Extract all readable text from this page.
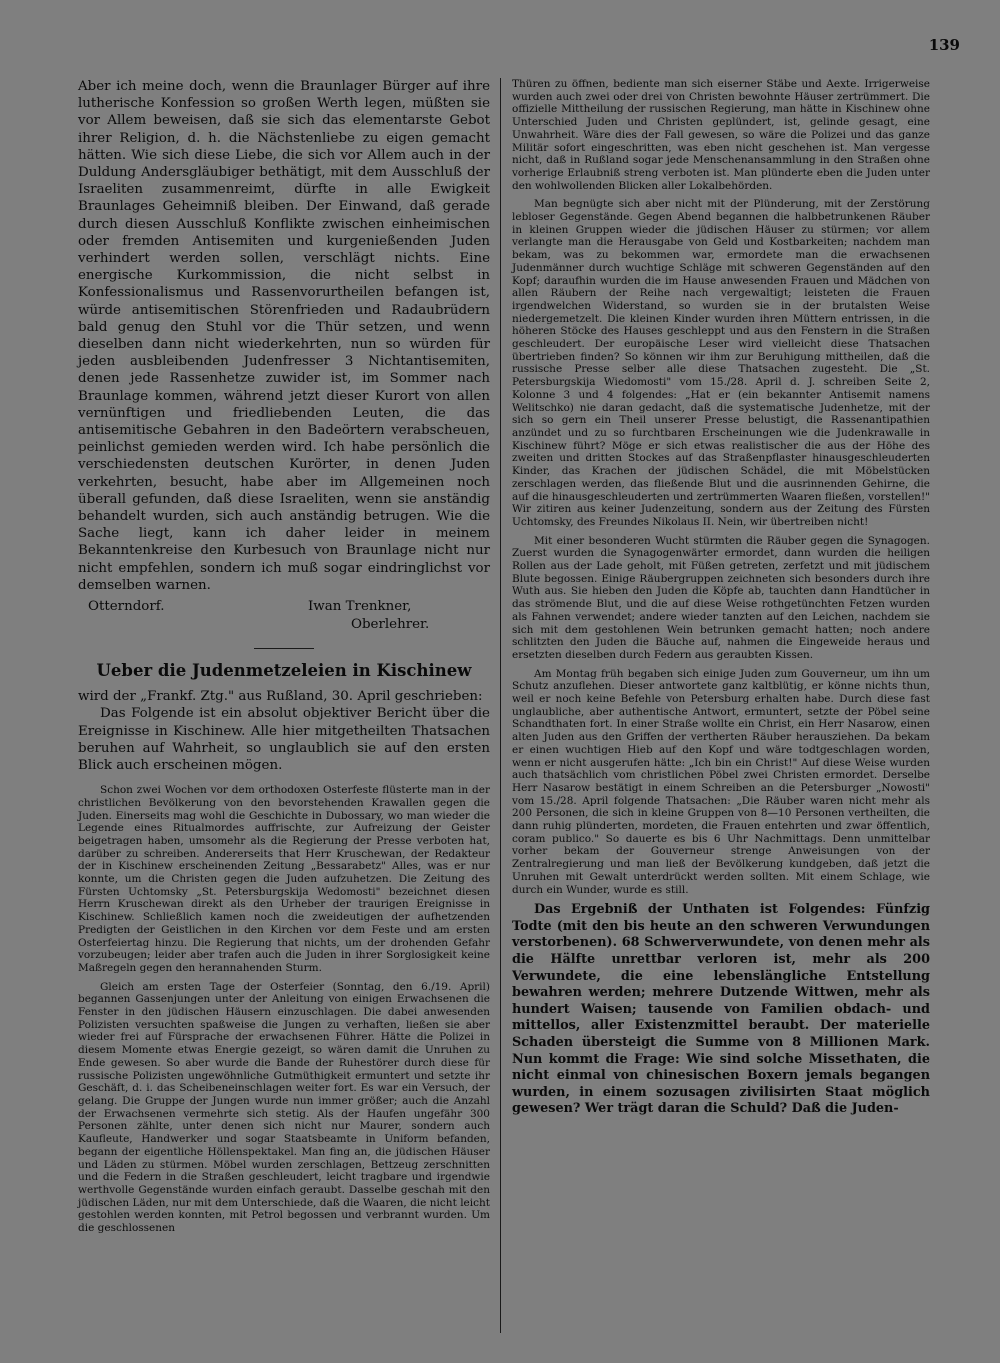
139

Aber ich meine doch, wenn die Braunlager Bürger auf ihre lutherische Konfession so großen Werth legen, müßten sie vor Allem beweisen, daß sie sich das elementarste Gebot ihrer Religion, d. h. die Nächstenliebe zu eigen gemacht hätten. Wie sich diese Liebe, die sich vor Allem auch in der Duldung Andersgläubiger bethätigt, mit dem Ausschluß der Israeliten zusammenreimt, dürfte in alle Ewigkeit Braunlages Geheimniß bleiben. Der Einwand, daß gerade durch diesen Ausschluß Konflikte zwischen einheimischen oder fremden Antisemiten und kurgenießenden Juden verhindert werden sollen, verschlägt nichts. Eine energische Kurkommission, die nicht selbst in Konfessionalismus und Rassenvorurtheilen befangen ist, würde antisemitischen Störenfrieden und Radaubrüdern bald genug den Stuhl vor die Thür setzen, und wenn dieselben dann nicht wiederkehrten, nun so würden für jeden ausbleibenden Judenfresser 3 Nichtantisemiten, denen jede Rassenhetze zuwider ist, im Sommer nach Braunlage kommen, während jetzt dieser Kurort von allen vernünftigen und friedliebenden Leuten, die das antisemitische Gebahren in den Badeörtern verabscheuen, peinlichst gemieden werden wird. Ich habe persönlich die verschiedensten deutschen Kurörter, in denen Juden verkehrten, besucht, habe aber im Allgemeinen noch überall gefunden, daß diese Israeliten, wenn sie anständig behandelt wurden, sich auch anständig betrugen. Wie die Sache liegt, kann ich daher leider in meinem Bekanntenkreise den Kurbesuch von Braunlage nicht nur nicht empfehlen, sondern ich muß sogar eindringlichst vor demselben warnen.

Otterndorf.	Iwan Trenkner,
Oberlehrer.
Ueber die Judenmetzeleien in Kischinew

wird der „Frankf. Ztg." aus Rußland, 30. April geschrieben:

Das Folgende ist ein absolut objektiver Bericht über die Ereignisse in Kischinew. Alle hier mitgetheilten Thatsachen beruhen auf Wahrheit, so unglaublich sie auf den ersten Blick auch erscheinen mögen.

Schon zwei Wochen vor dem orthodoxen Osterfeste flüsterte man in der christlichen Bevölkerung von den bevorstehenden Krawallen gegen die Juden. Einerseits mag wohl die Geschichte in Dubossary, wo man wieder die Legende eines Ritualmordes auffrischte, zur Aufreizung der Geister beigetragen haben, umsomehr als die Regierung der Presse verboten hat, darüber zu schreiben. Andererseits that Herr Kruschewan, der Redakteur der in Kischinew erscheinenden Zeitung „Bessarabetz" Alles, was er nur konnte, um die Christen gegen die Juden aufzuhetzen. Die Zeitung des Fürsten Uchtomsky „St. Petersburgskija Wedomosti" bezeichnet diesen Herrn Kruschewan direkt als den Urheber der traurigen Ereignisse in Kischinew. Schließlich kamen noch die zweideutigen der aufhetzenden Predigten der Geistlichen in den Kirchen vor dem Feste und am ersten Osterfeiertag hinzu. Die Regierung that nichts, um der drohenden Gefahr vorzubeugen; leider aber trafen auch die Juden in ihrer Sorglosigkeit keine Maßregeln gegen den herannahenden Sturm.

Gleich am ersten Tage der Osterfeier (Sonntag, den 6./19. April) begannen Gassenjungen unter der Anleitung von einigen Erwachsenen die Fenster in den jüdischen Häusern einzuschlagen. Die dabei anwesenden Polizisten versuchten spaßweise die Jungen zu verhaften, ließen sie aber wieder frei auf Fürsprache der erwachsenen Führer. Hätte die Polizei in diesem Momente etwas Energie gezeigt, so wären damit die Unruhen zu Ende gewesen. So aber wurde die Bande der Ruhestörer durch diese für russische Polizisten ungewöhnliche Gutmüthigkeit ermuntert und setzte ihr Geschäft, d. i. das Scheibeneinschlagen weiter fort. Es war ein Versuch, der gelang. Die Gruppe der Jungen wurde nun immer größer; auch die Anzahl der Erwachsenen vermehrte sich stetig. Als der Haufen ungefähr 300 Personen zählte, unter denen sich nicht nur Maurer, sondern auch Kaufleute, Handwerker und sogar Staatsbeamte in Uniform befanden, begann der eigentliche Höllenspektakel. Man fing an, die jüdischen Häuser und Läden zu stürmen. Möbel wurden zerschlagen, Bettzeug zerschnitten und die Federn in die Straßen geschleudert, leicht tragbare und irgendwie werthvolle Gegenstände wurden einfach geraubt. Dasselbe geschah mit den jüdischen Läden, nur mit dem Unterschiede, daß die Waaren, die nicht leicht gestohlen werden konnten, mit Petrol begossen und verbrannt wurden. Um die geschlossenen

Thüren zu öffnen, bediente man sich eiserner Stäbe und Aexte. Irrigerweise wurden auch zwei oder drei von Christen bewohnte Häuser zertrümmert. Die offizielle Mittheilung der russischen Regierung, man hätte in Kischinew ohne Unterschied Juden und Christen geplündert, ist, gelinde gesagt, eine Unwahrheit. Wäre dies der Fall gewesen, so wäre die Polizei und das ganze Militär sofort eingeschritten, was eben nicht geschehen ist. Man vergesse nicht, daß in Rußland sogar jede Menschenansammlung in den Straßen ohne vorherige Erlaubniß streng verboten ist. Man plünderte eben die Juden unter den wohlwollenden Blicken aller Lokalbehörden.

Man begnügte sich aber nicht mit der Plünderung, mit der Zerstörung lebloser Gegenstände. Gegen Abend begannen die halbbetrunkenen Räuber in kleinen Gruppen wieder die jüdischen Häuser zu stürmen; vor allem verlangte man die Herausgabe von Geld und Kostbarkeiten; nachdem man bekam, was zu bekommen war, ermordete man die erwachsenen Judenmänner durch wuchtige Schläge mit schweren Gegenständen auf den Kopf; daraufhin wurden die im Hause anwesenden Frauen und Mädchen von allen Räubern der Reihe nach vergewaltigt; leisteten die Frauen irgendwelchen Widerstand, so wurden sie in der brutalsten Weise niedergemetzelt. Die kleinen Kinder wurden ihren Müttern entrissen, in die höheren Stöcke des Hauses geschleppt und aus den Fenstern in die Straßen geschleudert. Der europäische Leser wird vielleicht diese Thatsachen übertrieben finden? So können wir ihm zur Beruhigung mittheilen, daß die russische Presse selber alle diese Thatsachen zugesteht. Die „St. Petersburgskija Wiedomosti" vom 15./28. April d. J. schreiben Seite 2, Kolonne 3 und 4 folgendes: „Hat er (ein bekannter Antisemit namens Welitschko) nie daran gedacht, daß die systematische Judenhetze, mit der sich so gern ein Theil unserer Presse belustigt, die Rassenantipathien anzündet und zu so furchtbaren Erscheinungen wie die Judenkrawalle in Kischinew führt? Möge er sich etwas realistischer die aus der Höhe des zweiten und dritten Stockes auf das Straßenpflaster hinausgeschleuderten Kinder, das Krachen der jüdischen Schädel, die mit Möbelstücken zerschlagen werden, das fließende Blut und die ausrinnenden Gehirne, die auf die hinausgeschleuderten und zertrümmerten Waaren fließen, vorstellen!" Wir zitiren aus keiner Judenzeitung, sondern aus der Zeitung des Fürsten Uchtomsky, des Freundes Nikolaus II. Nein, wir übertreiben nicht!

Mit einer besonderen Wucht stürmten die Räuber gegen die Synagogen. Zuerst wurden die Synagogenwärter ermordet, dann wurden die heiligen Rollen aus der Lade geholt, mit Füßen getreten, zerfetzt und mit jüdischem Blute begossen. Einige Räubergruppen zeichneten sich besonders durch ihre Wuth aus. Sie hieben den Juden die Köpfe ab, tauchten dann Handtücher in das strömende Blut, und die auf diese Weise rothgetünchten Fetzen wurden als Fahnen verwendet; andere wieder tanzten auf den Leichen, nachdem sie sich mit dem gestohlenen Wein betrunken gemacht hatten; noch andere schlitzten den Juden die Bäuche auf, nahmen die Eingeweide heraus und ersetzten dieselben durch Federn aus geraubten Kissen.

Am Montag früh begaben sich einige Juden zum Gouverneur, um ihn um Schutz anzuflehen. Dieser antwortete ganz kaltblütig, er könne nichts thun, weil er noch keine Befehle von Petersburg erhalten habe. Durch diese fast unglaubliche, aber authentische Antwort, ermuntert, setzte der Pöbel seine Schandthaten fort. In einer Straße wollte ein Christ, ein Herr Nasarow, einen alten Juden aus den Griffen der vertherten Räuber herausziehen. Da bekam er einen wuchtigen Hieb auf den Kopf und wäre todtgeschlagen worden, wenn er nicht ausgerufen hätte: „Ich bin ein Christ!" Auf diese Weise wurden auch thatsächlich vom christlichen Pöbel zwei Christen ermordet. Derselbe Herr Nasarow bestätigt in einem Schreiben an die Petersburger „Nowosti" vom 15./28. April folgende Thatsachen: „Die Räuber waren nicht mehr als 200 Personen, die sich in kleine Gruppen von 8—10 Personen vertheilten, die dann ruhig plünderten, mordeten, die Frauen entehrten und zwar öffentlich, coram publico." So dauerte es bis 6 Uhr Nachmittags. Denn unmittelbar vorher bekam der Gouverneur strenge Anweisungen von der Zentralregierung und man ließ der Bevölkerung kundgeben, daß jetzt die Unruhen mit Gewalt unterdrückt werden sollten. Mit einem Schlage, wie durch ein Wunder, wurde es still.

Das Ergebniß der Unthaten ist Folgendes: Fünfzig Todte (mit den bis heute an den schweren Verwundungen verstorbenen). 68 Schwerverwundete, von denen mehr als die Hälfte unrettbar verloren ist, mehr als 200 Verwundete, die eine lebenslängliche Entstellung bewahren werden; mehrere Dutzende Wittwen, mehr als hundert Waisen; tausende von Familien obdach- und mittellos, aller Existenzmittel beraubt. Der materielle Schaden übersteigt die Summe von 8 Millionen Mark. Nun kommt die Frage: Wie sind solche Missethaten, die nicht einmal von chinesischen Boxern jemals begangen wurden, in einem sozusagen zivilisirten Staat möglich gewesen? Wer trägt daran die Schuld? Daß die Juden-
